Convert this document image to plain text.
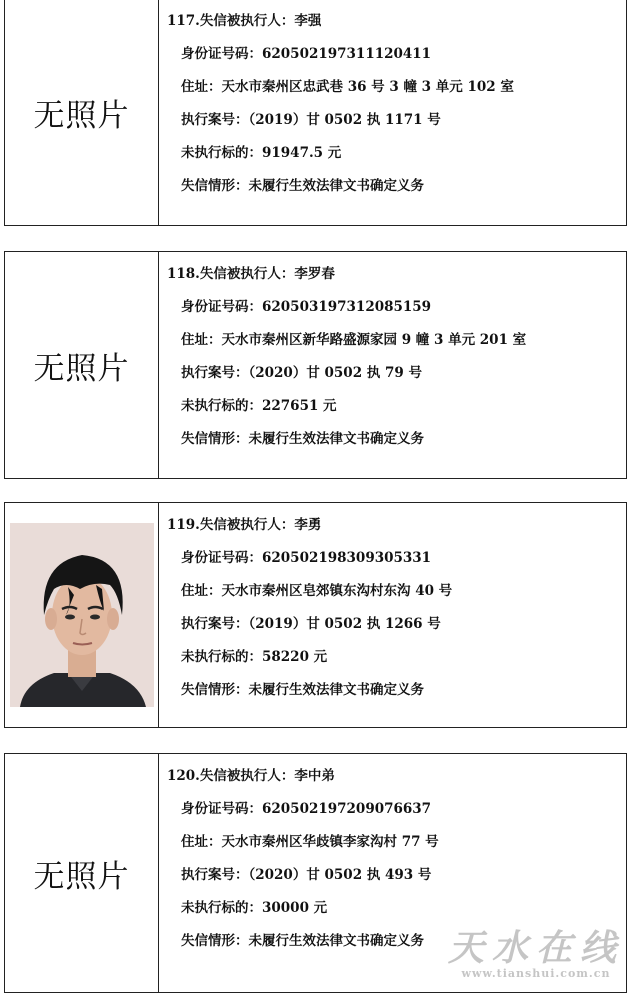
无照片
117.失信被执行人：李强
身份证号码：620502197311120411
住址：天水市秦州区忠武巷 36 号 3 幢 3 单元 102 室
执行案号：（2019）甘 0502 执 1171 号
未执行标的：91947.5 元
失信情形：未履行生效法律文书确定义务
无照片
118.失信被执行人：李罗春
身份证号码：620503197312085159
住址：天水市秦州区新华路盛源家园 9 幢 3 单元 201 室
执行案号：（2020）甘 0502 执 79 号
未执行标的：227651 元
失信情形：未履行生效法律文书确定义务
119.失信被执行人：李勇
身份证号码：620502198309305331
住址：天水市秦州区皂郊镇东沟村东沟 40 号
执行案号：（2019）甘 0502 执 1266 号
未执行标的：58220 元
失信情形：未履行生效法律文书确定义务
无照片
120.失信被执行人：李中弟
身份证号码：620502197209076637
住址：天水市秦州区华歧镇李家沟村 77 号
执行案号：（2020）甘 0502 执 493 号
未执行标的：30000 元
失信情形：未履行生效法律文书确定义务 天水在线
www.tianshui.com.cn
